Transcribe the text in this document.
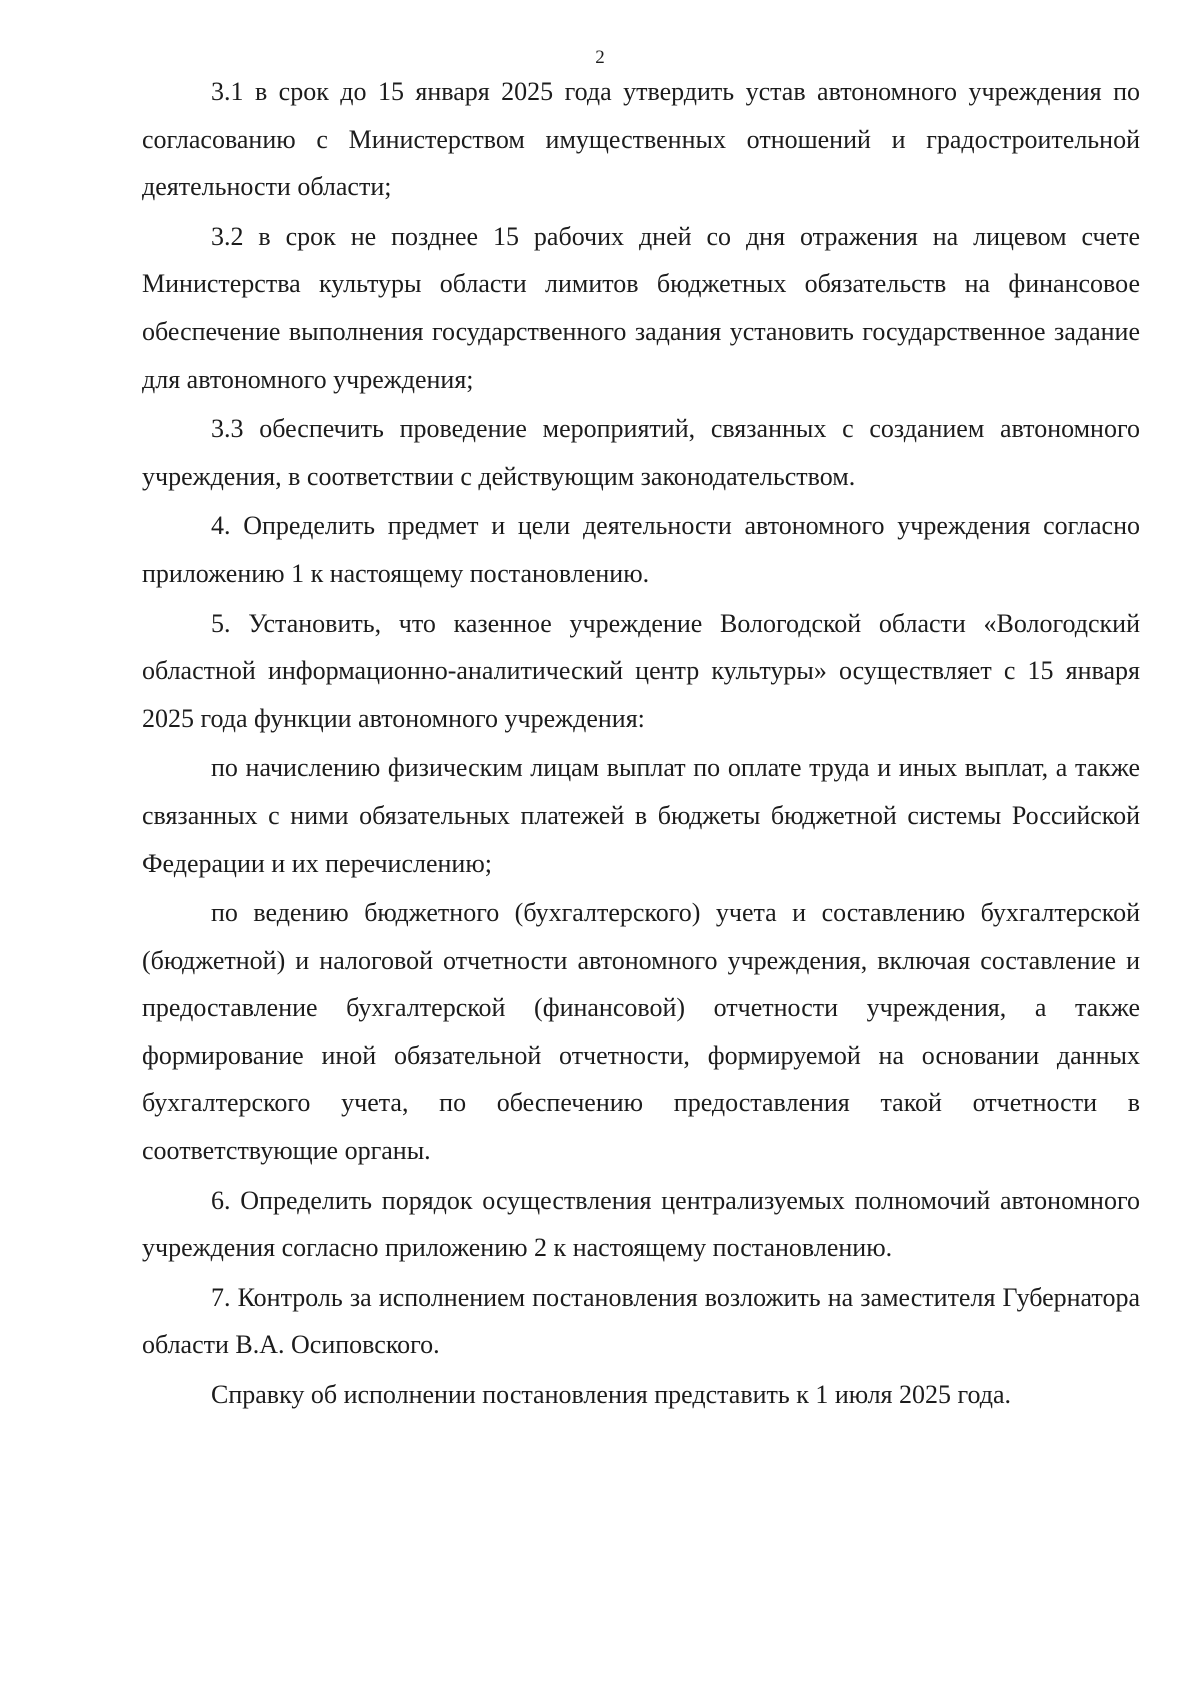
2

3.1 в срок до 15 января 2025 года утвердить устав автономного учреждения по согласованию с Министерством имущественных отношений и градостроительной деятельности области;

3.2 в срок не позднее 15 рабочих дней со дня отражения на лицевом счете Министерства культуры области лимитов бюджетных обязательств на финансовое обеспечение выполнения государственного задания установить государственное задание для автономного учреждения;

3.3 обеспечить проведение мероприятий, связанных с созданием автономного учреждения, в соответствии с действующим законодательством.

4. Определить предмет и цели деятельности автономного учреждения согласно приложению 1 к настоящему постановлению.

5. Установить, что казенное учреждение Вологодской области «Вологодский областной информационно-аналитический центр культуры» осуществляет с 15 января 2025 года функции автономного учреждения:

по начислению физическим лицам выплат по оплате труда и иных выплат, а также связанных с ними обязательных платежей в бюджеты бюджетной системы Российской Федерации и их перечислению;

по ведению бюджетного (бухгалтерского) учета и составлению бухгалтерской (бюджетной) и налоговой отчетности автономного учреждения, включая составление и предоставление бухгалтерской (финансовой) отчетности учреждения, а также формирование иной обязательной отчетности, формируемой на основании данных бухгалтерского учета, по обеспечению предоставления такой отчетности в соответствующие органы.

6. Определить порядок осуществления централизуемых полномочий автономного учреждения согласно приложению 2 к настоящему постановлению.

7. Контроль за исполнением постановления возложить на заместителя Губернатора области В.А. Осиповского.

Справку об исполнении постановления представить к 1 июля 2025 года.
